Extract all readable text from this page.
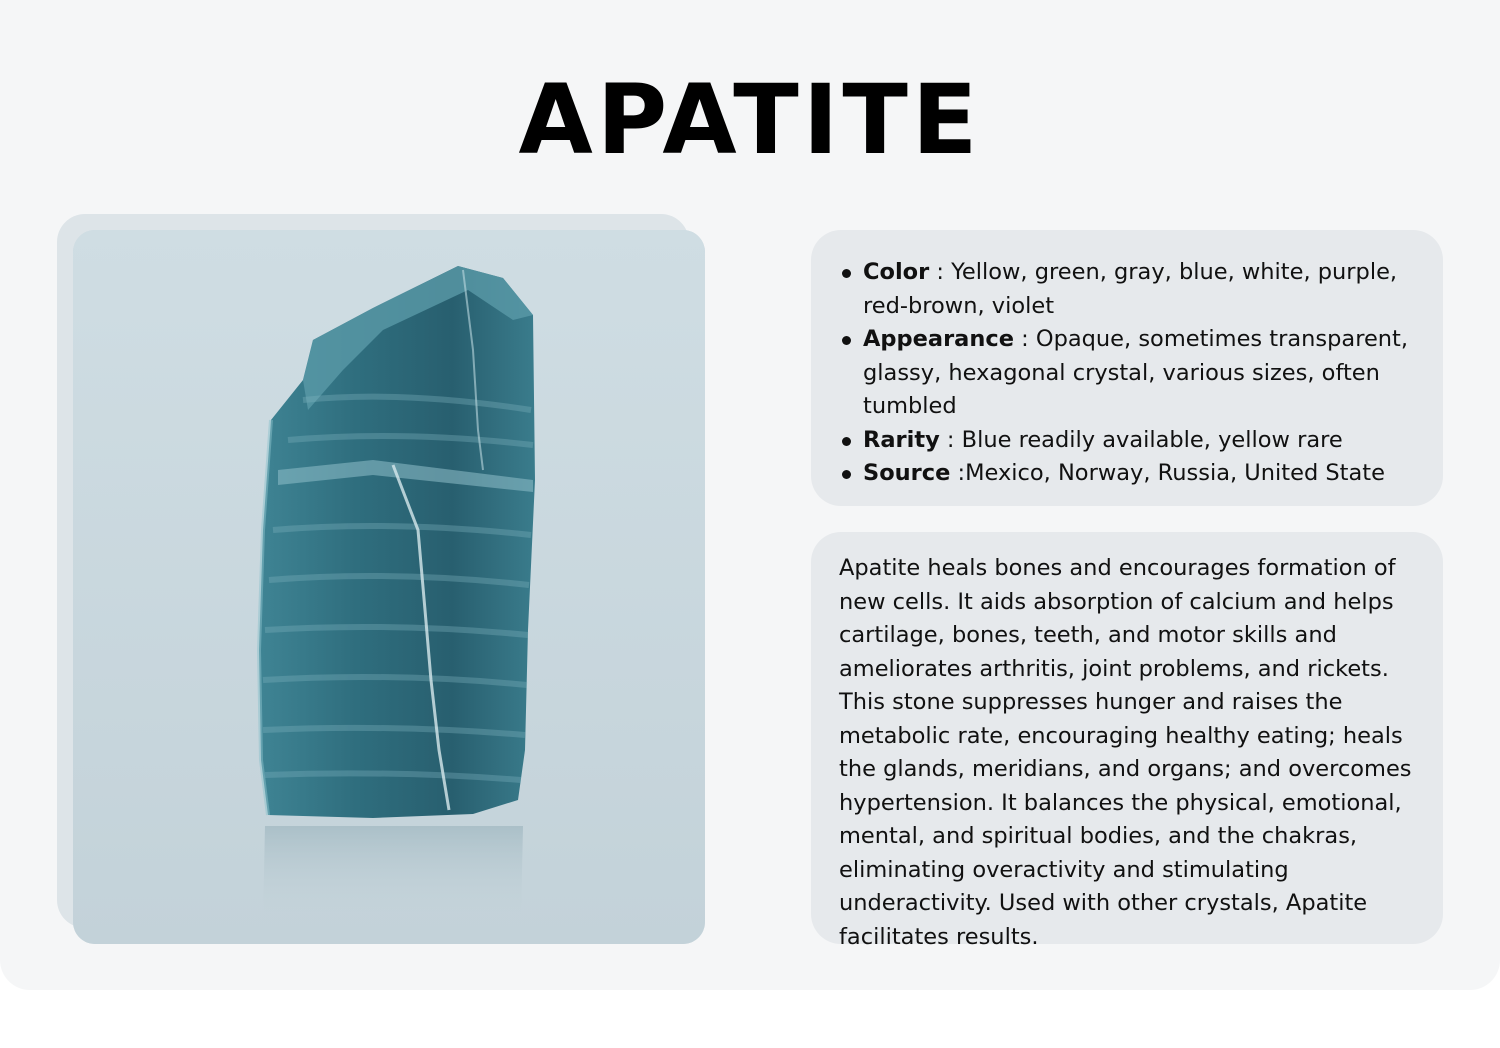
APATITE
Color : Yellow, green, gray, blue, white, purple, red-brown, violet
Appearance : Opaque, sometimes transparent, glassy, hexagonal crystal, various sizes, often tumbled
Rarity : Blue readily available, yellow rare
Source :Mexico, Norway, Russia, United State

Apatite heals bones and encourages formation of new cells. It aids absorption of calcium and helps cartilage, bones, teeth, and motor skills and ameliorates arthritis, joint problems, and rickets. This stone suppresses hunger and raises the metabolic rate, encouraging healthy eating; heals the glands, meridians, and organs; and overcomes hypertension. It balances the physical, emotional, mental, and spiritual bodies, and the chakras, eliminating overactivity and stimulating underactivity. Used with other crystals, Apatite facilitates results.
